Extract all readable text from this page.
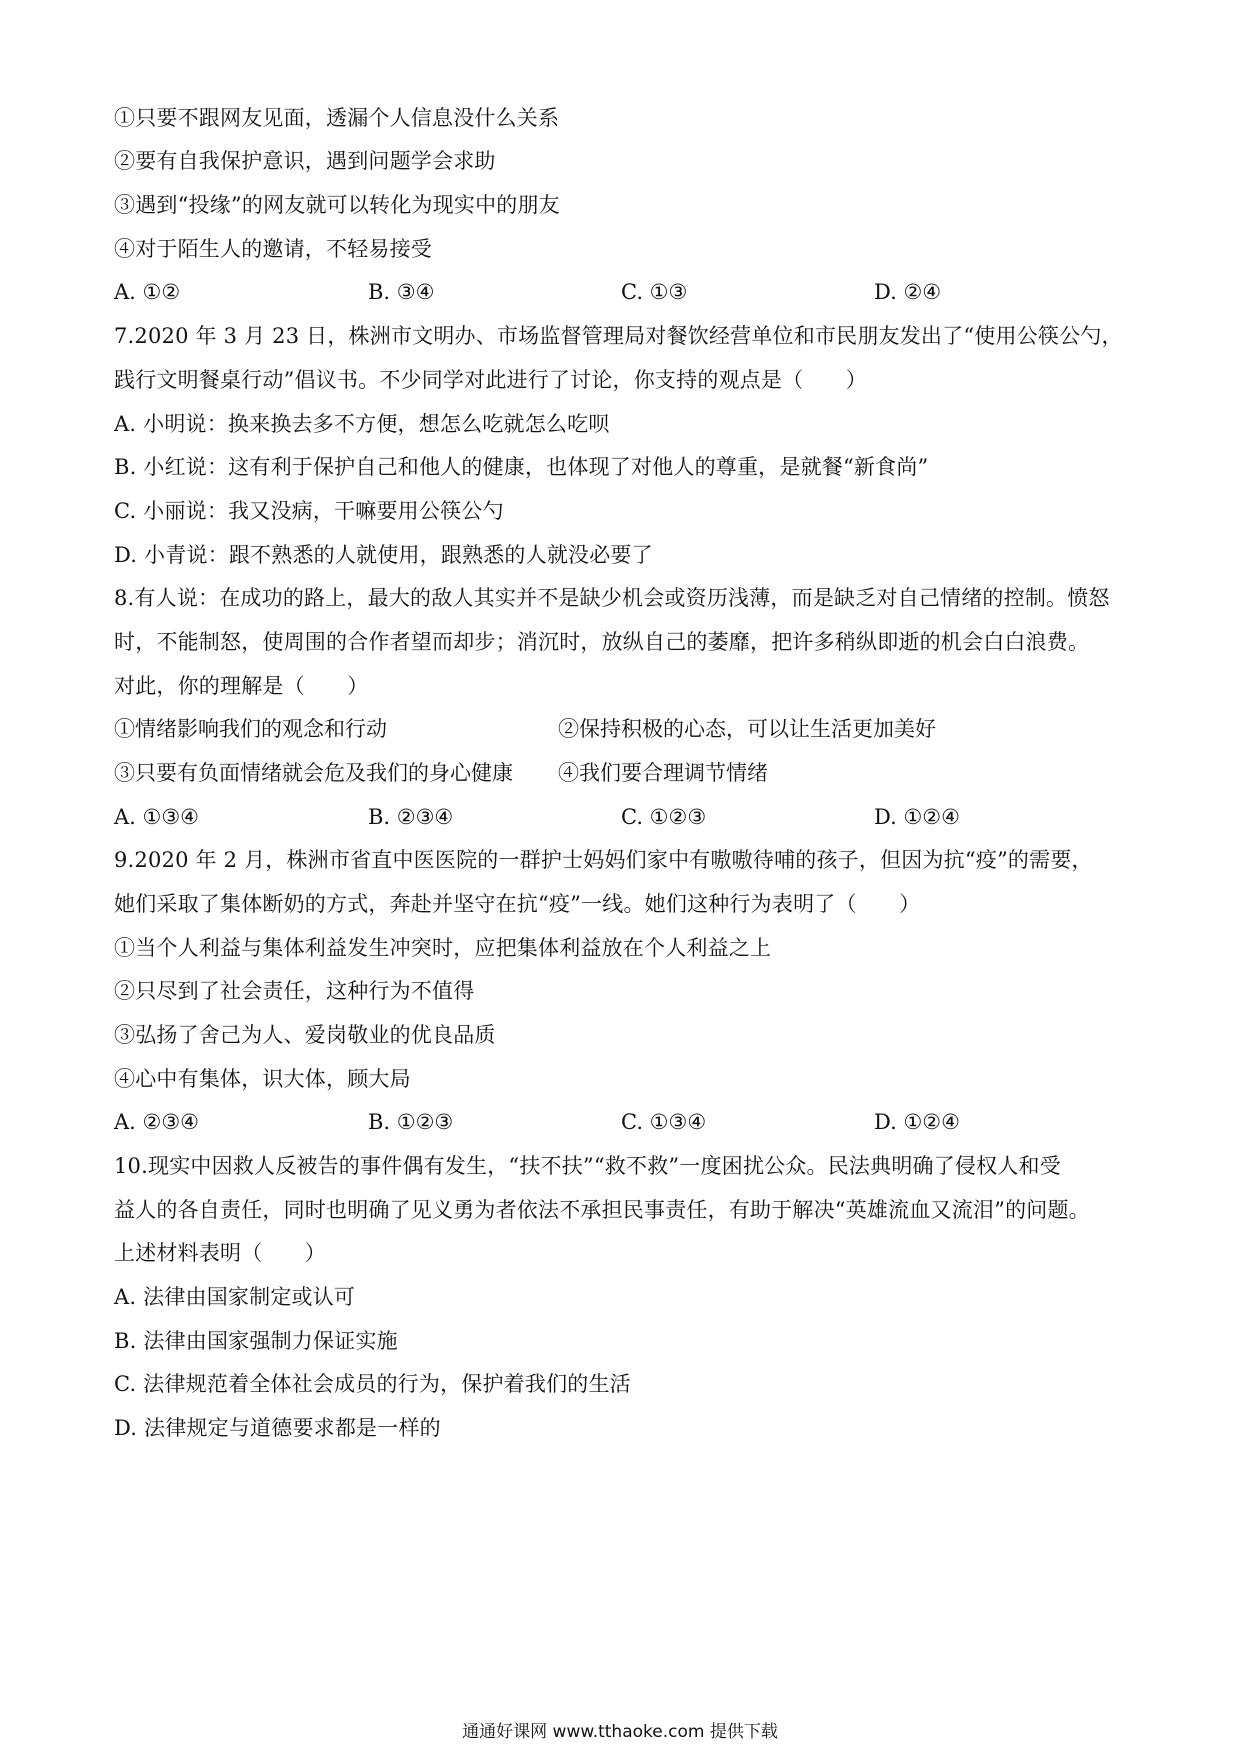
①只要不跟网友见面，透漏个人信息没什么关系
②要有自我保护意识，遇到问题学会求助
③遇到“投缘”的网友就可以转化为现实中的朋友
④对于陌生人的邀请，不轻易接受
A. ①②	B. ③④	C. ①③	D. ②④
7.2020 年 3 月 23 日，株洲市文明办、市场监督管理局对餐饮经营单位和市民朋友发出了“使用公筷公勺，
践行文明餐桌行动”倡议书。不少同学对此进行了讨论，你支持的观点是（　　）
A. 小明说：换来换去多不方便，想怎么吃就怎么吃呗
B. 小红说：这有利于保护自己和他人的健康，也体现了对他人的尊重，是就餐“新食尚”
C. 小丽说：我又没病，干嘛要用公筷公勺
D. 小青说：跟不熟悉的人就使用，跟熟悉的人就没必要了
8.有人说：在成功的路上，最大的敌人其实并不是缺少机会或资历浅薄，而是缺乏对自己情绪的控制。愤怒
时，不能制怒，使周围的合作者望而却步；消沉时，放纵自己的萎靡，把许多稍纵即逝的机会白白浪费。
对此，你的理解是（　　）
①情绪影响我们的观念和行动	②保持积极的心态，可以让生活更加美好
③只要有负面情绪就会危及我们的身心健康 ④我们要合理调节情绪
A. ①③④	B. ②③④	C. ①②③	D. ①②④
9.2020 年 2 月，株洲市省直中医医院的一群护士妈妈们家中有嗷嗷待哺的孩子，但因为抗“疫”的需要，
她们采取了集体断奶的方式，奔赴并坚守在抗“疫”一线。她们这种行为表明了（　　）
①当个人利益与集体利益发生冲突时，应把集体利益放在个人利益之上
②只尽到了社会责任，这种行为不值得
③弘扬了舍己为人、爱岗敬业的优良品质
④心中有集体，识大体，顾大局
A. ②③④	B. ①②③	C. ①③④	D. ①②④
10.现实中因救人反被告的事件偶有发生，“扶不扶”“救不救”一度困扰公众。民法典明确了侵权人和受
益人的各自责任，同时也明确了见义勇为者依法不承担民事责任，有助于解决“英雄流血又流泪”的问题。
上述材料表明（　　）
A. 法律由国家制定或认可
B. 法律由国家强制力保证实施
C. 法律规范着全体社会成员的行为，保护着我们的生活
D. 法律规定与道德要求都是一样的
通通好课网 www.tthaoke.com 提供下载
